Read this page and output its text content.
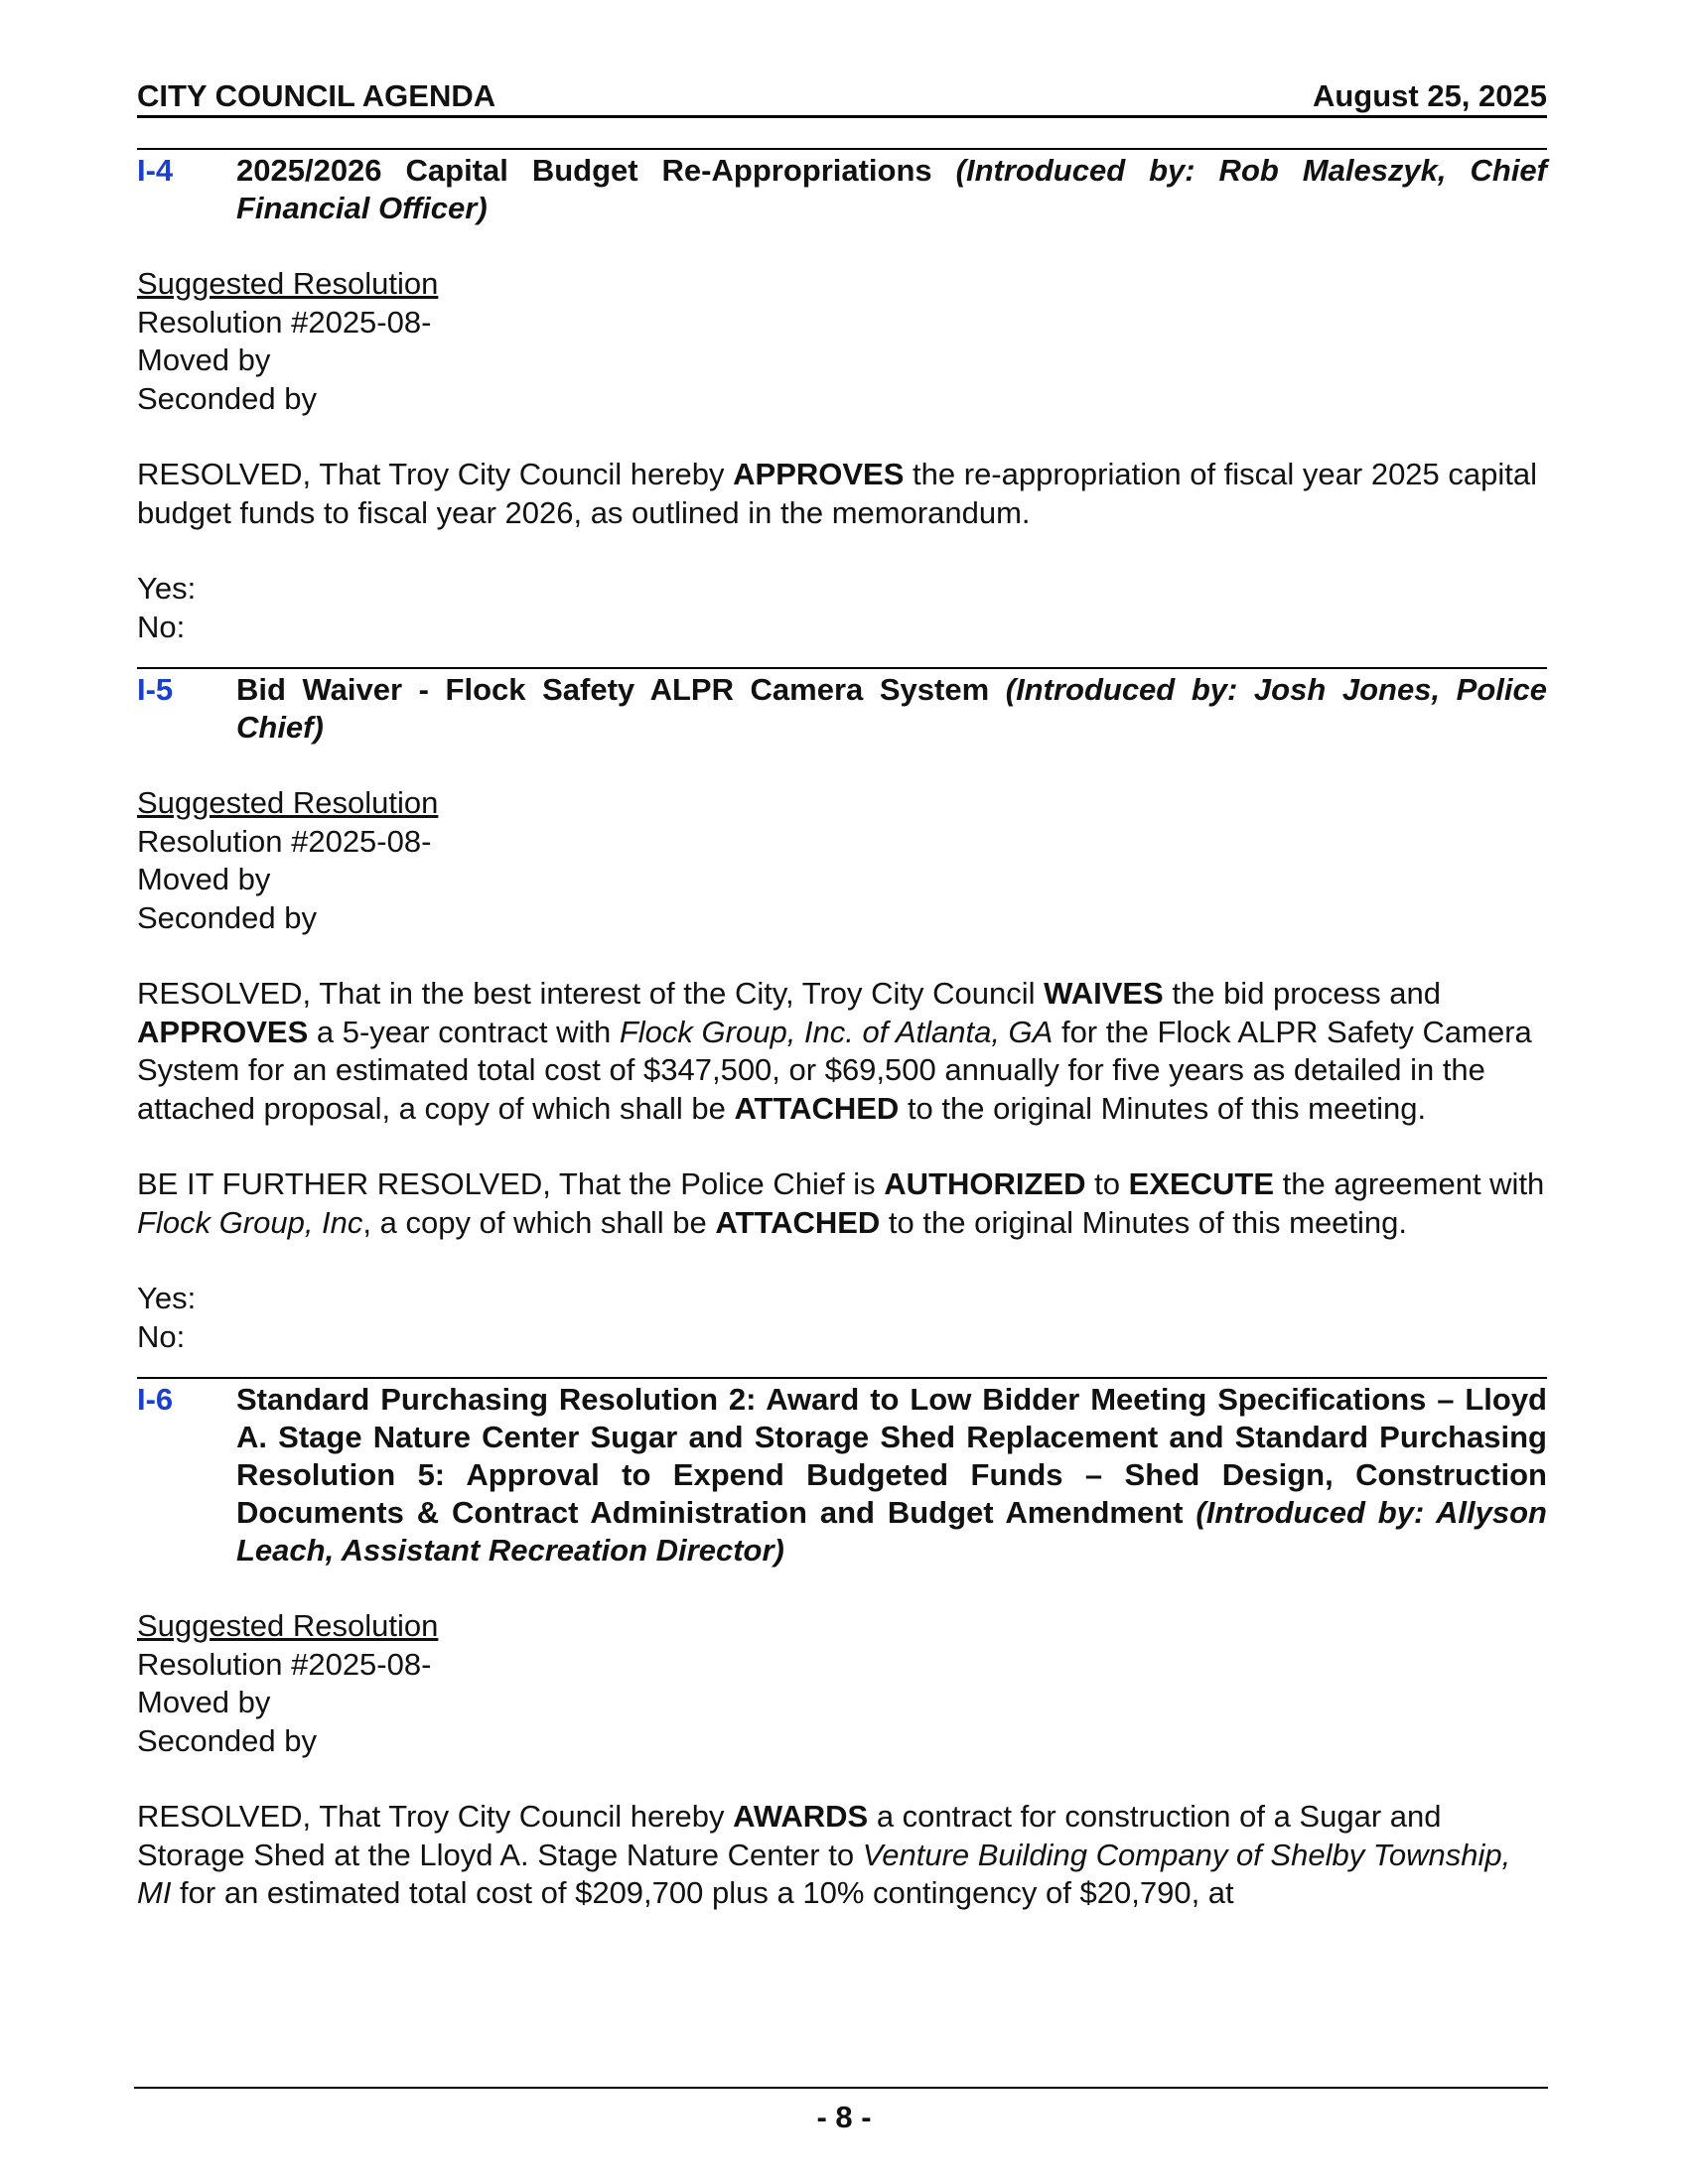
CITY COUNCIL AGENDA	August 25, 2025
I-4	2025/2026 Capital Budget Re-Appropriations (Introduced by: Rob Maleszyk, Chief Financial Officer)
Suggested Resolution
Resolution #2025-08-
Moved by
Seconded by
RESOLVED, That Troy City Council hereby APPROVES the re-appropriation of fiscal year 2025 capital budget funds to fiscal year 2026, as outlined in the memorandum.
Yes:
No:
I-5	Bid Waiver - Flock Safety ALPR Camera System (Introduced by: Josh Jones, Police Chief)
Suggested Resolution
Resolution #2025-08-
Moved by
Seconded by
RESOLVED, That in the best interest of the City, Troy City Council WAIVES the bid process and APPROVES a 5-year contract with Flock Group, Inc. of Atlanta, GA for the Flock ALPR Safety Camera System for an estimated total cost of $347,500, or $69,500 annually for five years as detailed in the attached proposal, a copy of which shall be ATTACHED to the original Minutes of this meeting.
BE IT FURTHER RESOLVED, That the Police Chief is AUTHORIZED to EXECUTE the agreement with Flock Group, Inc, a copy of which shall be ATTACHED to the original Minutes of this meeting.
Yes:
No:
I-6	Standard Purchasing Resolution 2: Award to Low Bidder Meeting Specifications – Lloyd A. Stage Nature Center Sugar and Storage Shed Replacement and Standard Purchasing Resolution 5: Approval to Expend Budgeted Funds – Shed Design, Construction Documents & Contract Administration and Budget Amendment (Introduced by: Allyson Leach, Assistant Recreation Director)
Suggested Resolution
Resolution #2025-08-
Moved by
Seconded by
RESOLVED, That Troy City Council hereby AWARDS a contract for construction of a Sugar and Storage Shed at the Lloyd A. Stage Nature Center to Venture Building Company of Shelby Township, MI for an estimated total cost of $209,700 plus a 10% contingency of $20,790, at
- 8 -
